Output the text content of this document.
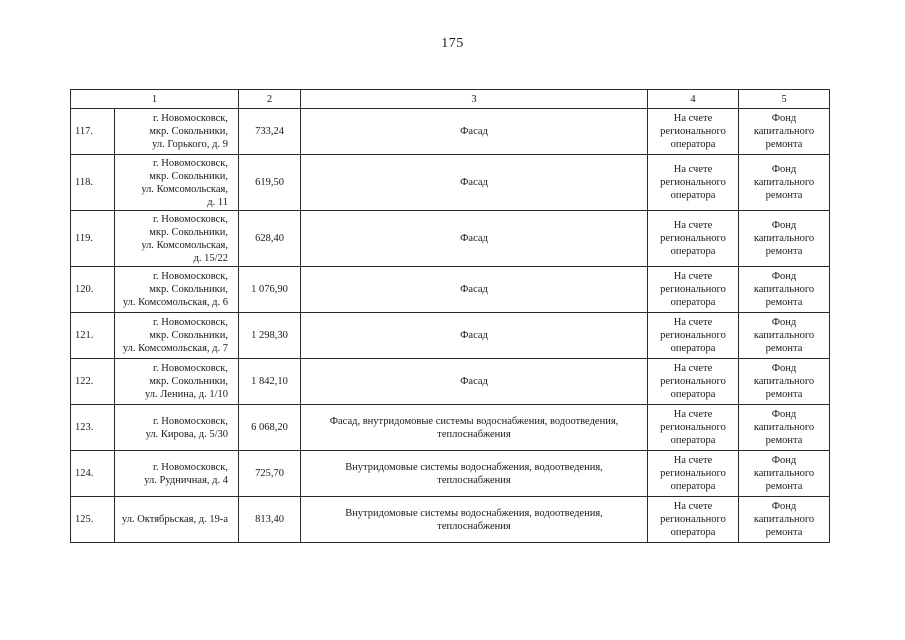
175
1		2	3	4	5
117.	г. Новомосковск,
мкр. Сокольники,
ул. Горького, д. 9	733,24	Фасад	На счете
регионального
оператора	Фонд
капитального
ремонта

118.	г. Новомосковск,
мкр. Сокольники,
ул. Комсомольская,
д. 11	619,50	Фасад	На счете
регионального
оператора	Фонд
капитального
ремонта

119.	г. Новомосковск,
мкр. Сокольники,
ул. Комсомольская,
д. 15/22	628,40	Фасад	На счете
регионального
оператора	Фонд
капитального
ремонта

120.	г. Новомосковск,
мкр. Сокольники,
ул. Комсомольская, д. 6	1 076,90	Фасад	На счете
регионального
оператора	Фонд
капитального
ремонта

121.	г. Новомосковск,
мкр. Сокольники,
ул. Комсомольская, д. 7	1 298,30	Фасад	На счете
регионального
оператора	Фонд
капитального
ремонта

122.	г. Новомосковск,
мкр. Сокольники,
ул. Ленина, д. 1/10	1 842,10	Фасад	На счете
регионального
оператора	Фонд
капитального
ремонта

123.	г. Новомосковск,
ул. Кирова, д. 5/30	6 068,20	Фасад, внутридомовые системы водоснабжения, водоотведения,
теплоснабжения	На счете
регионального
оператора	Фонд
капитального
ремонта

124.	г. Новомосковск,
ул. Рудничная, д. 4	725,70	Внутридомовые системы водоснабжения, водоотведения,
теплоснабжения	На счете
регионального
оператора	Фонд
капитального
ремонта

125.	ул. Октябрьская, д. 19-а	813,40	Внутридомовые системы водоснабжения, водоотведения,
теплоснабжения	На счете
регионального
оператора	Фонд
капитального
ремонта
